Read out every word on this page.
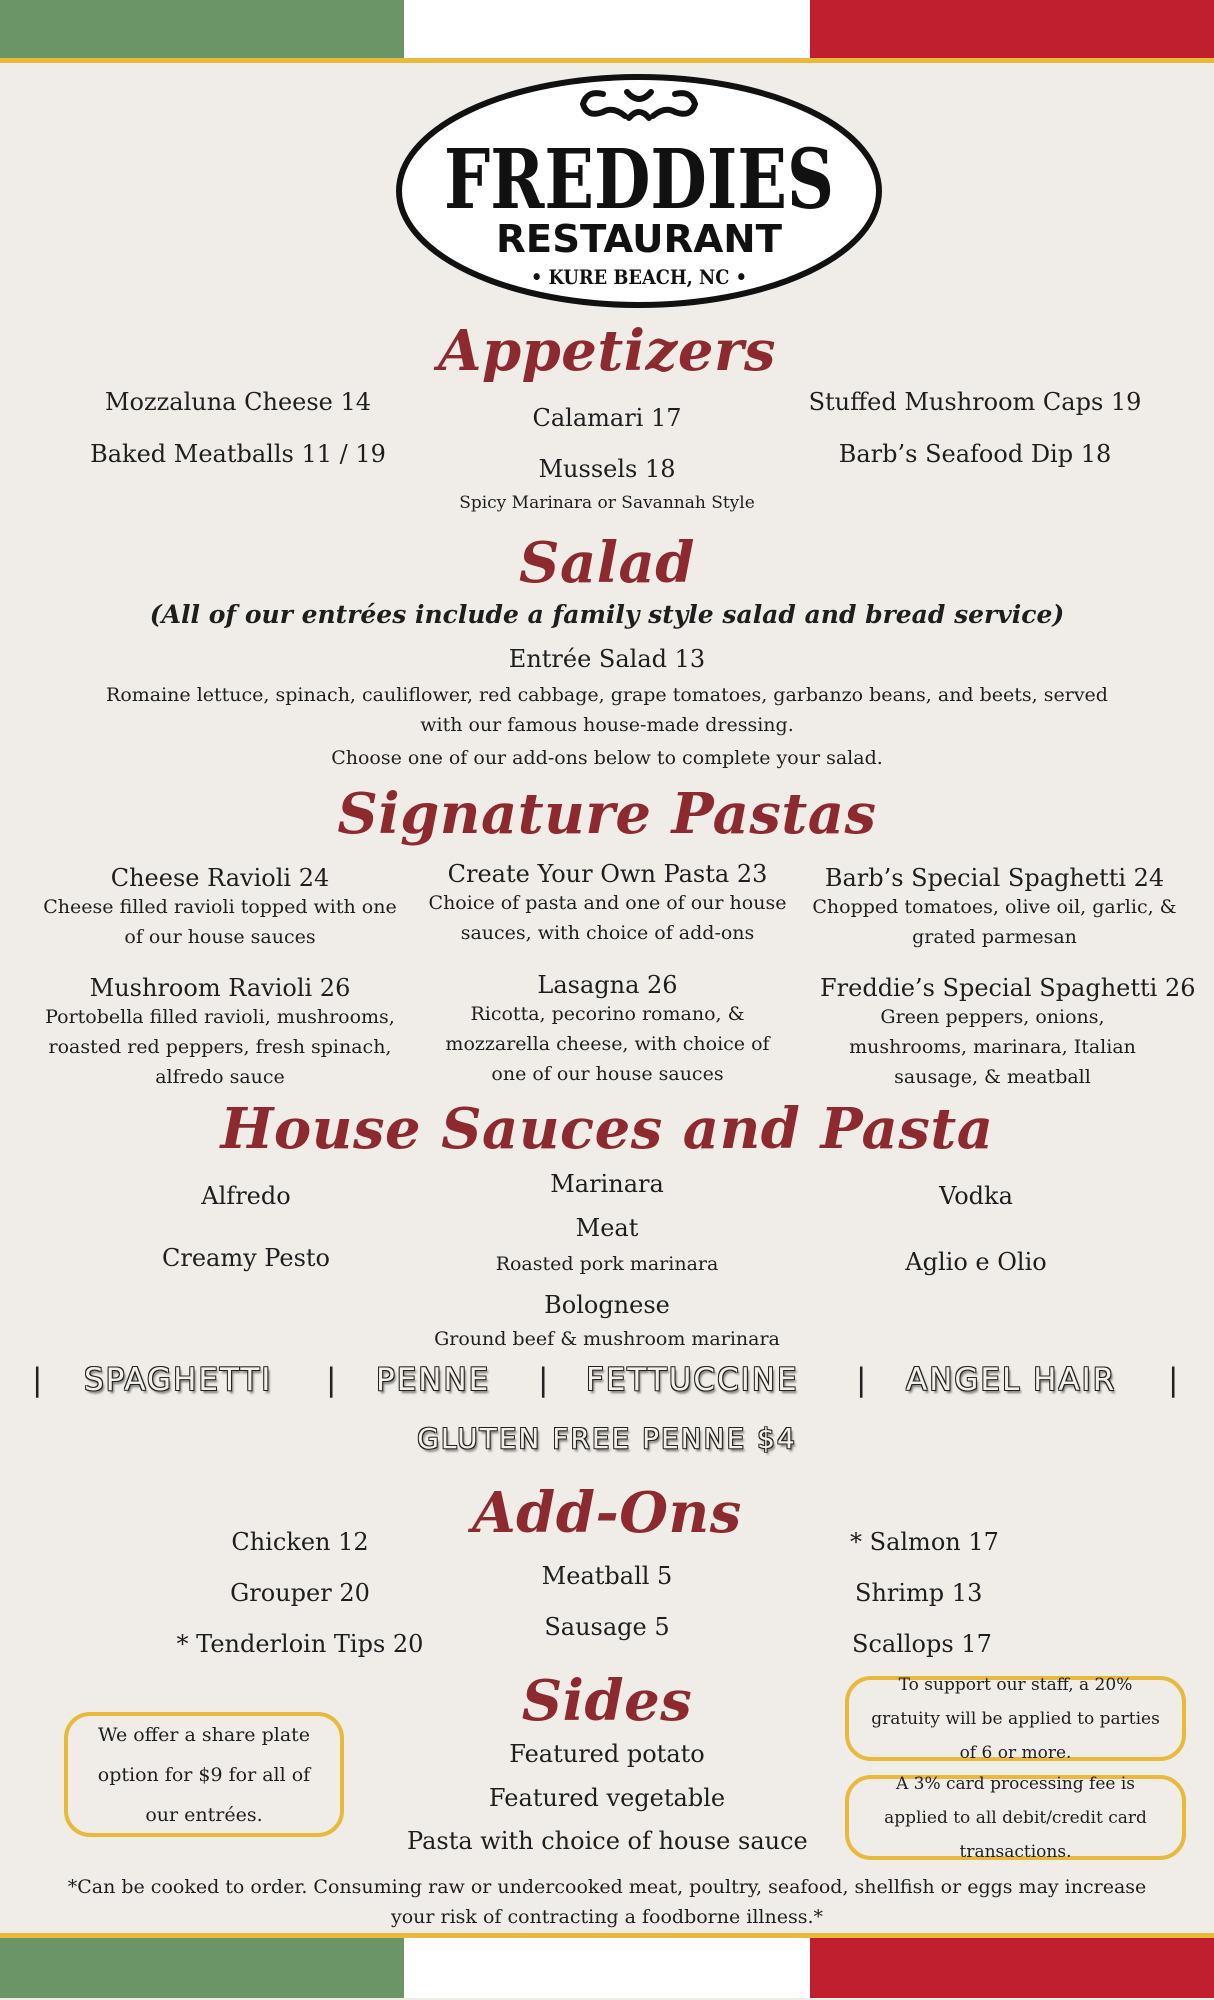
FREDDIES
RESTAURANT
• KURE BEACH, NC •
Appetizers
Mozzaluna Cheese 14
Baked Meatballs 11 / 19
Calamari 17
Mussels 18
Spicy Marinara or Savannah Style
Stuffed Mushroom Caps 19
Barb’s Seafood Dip 18
Salad
(All of our entrées include a family style salad and bread service)
Entrée Salad 13
Romaine lettuce, spinach, cauliflower, red cabbage, grape tomatoes, garbanzo beans, and beets, served
with our famous house-made dressing.
Choose one of our add-ons below to complete your salad.
Signature Pastas
Cheese Ravioli 24
Cheese filled ravioli topped with one of our house sauces
Create Your Own Pasta 23
Choice of pasta and one of our house sauces, with choice of add-ons
Barb’s Special Spaghetti 24
Chopped tomatoes, olive oil, garlic, & grated parmesan
Mushroom Ravioli 26
Portobella filled ravioli, mushrooms, roasted red peppers, fresh spinach, alfredo sauce
Lasagna 26
Ricotta, pecorino romano, & mozzarella cheese, with choice of one of our house sauces
Freddie’s Special Spaghetti 26
Green peppers, onions, mushrooms, marinara, Italian sausage, & meatball
House Sauces and Pasta
Alfredo
Creamy Pesto
Marinara
Meat
Roasted pork marinara
Bolognese
Ground beef & mushroom marinara
Vodka
Aglio e Olio
| SPAGHETTI | PENNE | FETTUCCINE | ANGEL HAIR |
GLUTEN FREE PENNE $4
Add-Ons
Chicken 12
Grouper 20
* Tenderloin Tips 20
Meatball 5
Sausage 5
* Salmon 17
Shrimp 13
Scallops 17
Sides
Featured potato
Featured vegetable
Pasta with choice of house sauce
We offer a share plate option for $9 for all of our entrées.
To support our staff, a 20% gratuity will be applied to parties of 6 or more.
A 3% card processing fee is applied to all debit/credit card transactions.
*Can be cooked to order. Consuming raw or undercooked meat, poultry, seafood, shellfish or eggs may increase
your risk of contracting a foodborne illness.*
